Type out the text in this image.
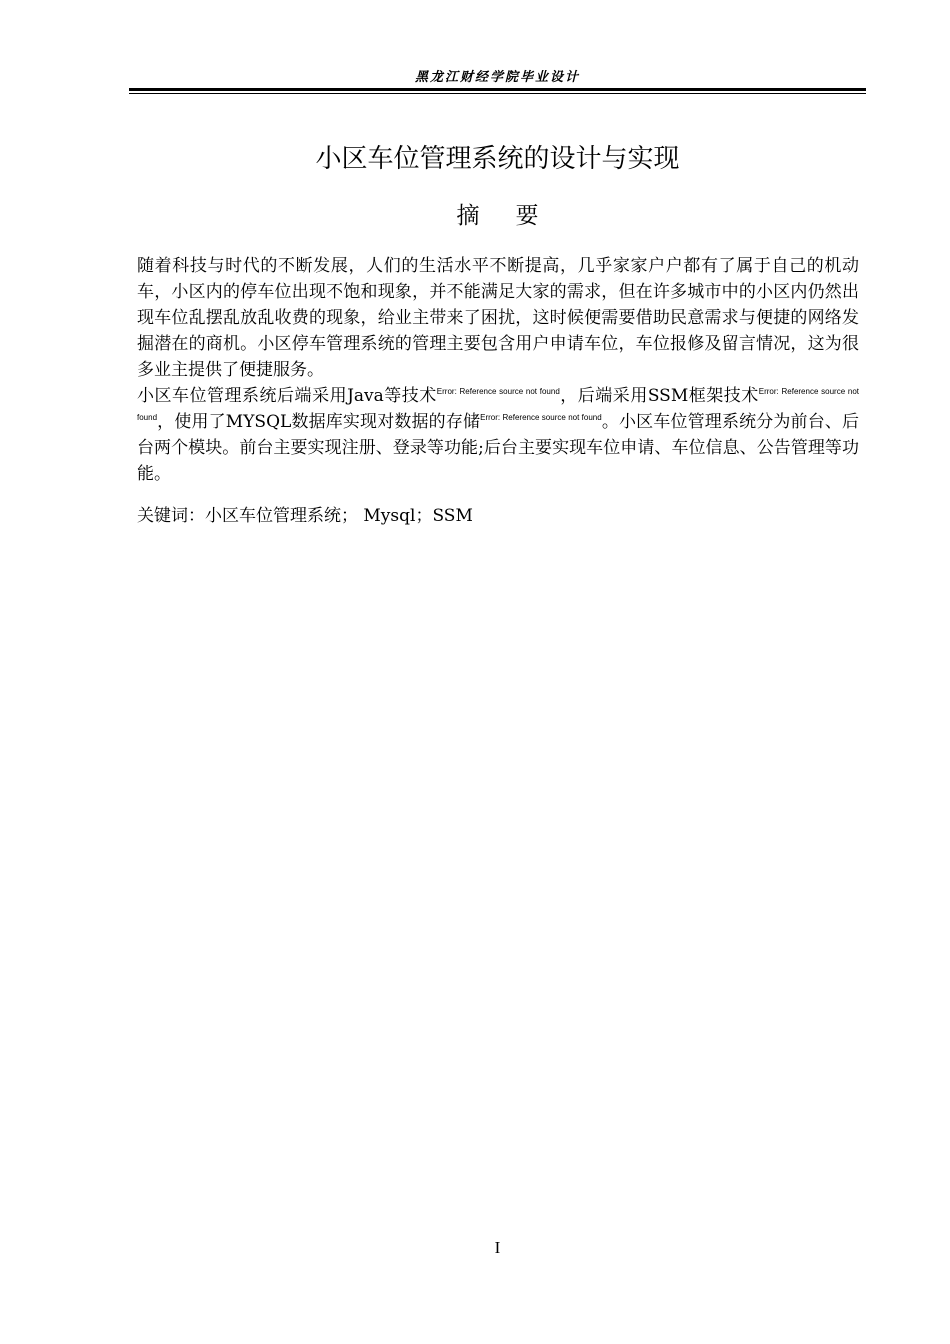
黑龙江财经学院毕业设计
小区车位管理系统的设计与实现
摘要

随着科技与时代的不断发展，人们的生活水平不断提高，几乎家家户户都有了属于自己的机动车，小区内的停车位出现不饱和现象，并不能满足大家的需求，但在许多城市中的小区内仍然出现车位乱摆乱放乱收费的现象，给业主带来了困扰，这时候便需要借助民意需求与便捷的网络发掘潜在的商机。小区停车管理系统的管理主要包含用户申请车位，车位报修及留言情况，这为很多业主提供了便捷服务。

小区车位管理系统后端采用Java等技术$^{Error: Reference source not found}$，后端采用SSM框架技术$^{Error: Reference source not found}$，使用了MYSQL数据库实现对数据的存储$^{Error: Reference source not found}$。小区车位管理系统分为前台、后台两个模块。前台主要实现注册、登录等功能;后台主要实现车位申请、车位信息、公告管理等功能。

关键词：小区车位管理系统； Mysql；SSM
I
